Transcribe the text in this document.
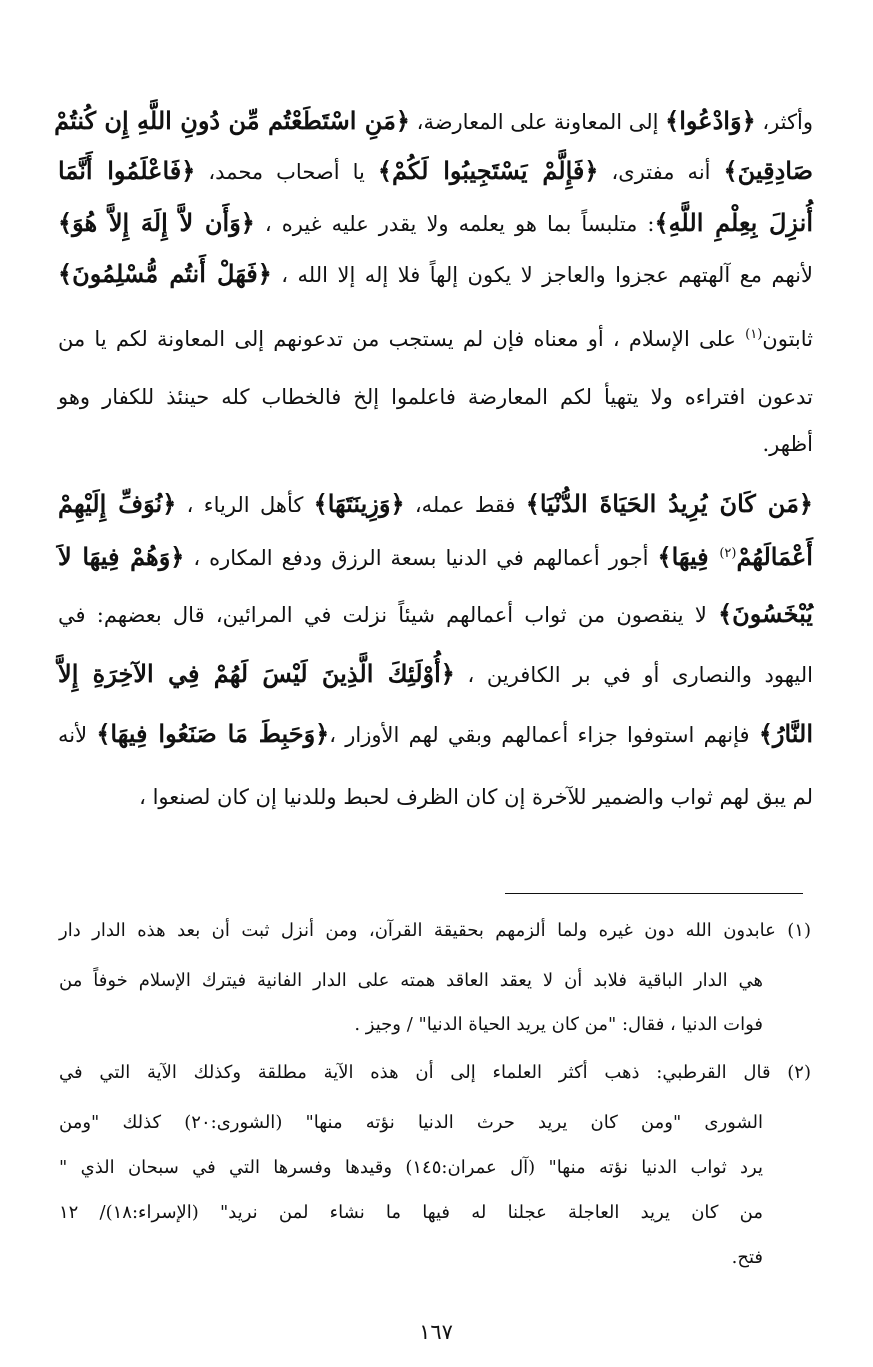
وأكثر، ﴿وَادْعُوا﴾ إلى المعاونة على المعارضة، ﴿مَنِ اسْتَطَعْتُم مِّن دُونِ اللَّهِ إِن كُنتُمْ
صَادِقِينَ﴾ أنه مفترى، ﴿فَإِلَّمْ يَسْتَجِيبُوا لَكُمْ﴾ يا أصحاب محمد، ﴿فَاعْلَمُوا أَنَّمَا
أُنزِلَ بِعِلْمِ اللَّهِ﴾: متلبساً بما هو يعلمه ولا يقدر عليه غيره ، ﴿وَأَن لاَّ إِلَهَ إِلاَّ هُوَ﴾
لأنهم مع آلهتهم عجزوا والعاجز لا يكون إلهاً فلا إله إلا الله ، ﴿فَهَلْ أَنتُم مُّسْلِمُونَ﴾
ثابتون$^{(١)}$ على الإسلام ، أو معناه فإن لم يستجب من تدعونهم إلى المعاونة لكم يا من
تدعون افتراءه ولا يتهيأ لكم المعارضة فاعلموا إلخ فالخطاب كله حينئذ للكفار وهو
أظهر.
﴿مَن كَانَ يُرِيدُ الحَيَاةَ الدُّنْيَا﴾ فقط عمله، ﴿وَزِينَتَهَا﴾ كأهل الرياء ، ﴿نُوَفِّ إِلَيْهِمْ
أَعْمَالَهُمْ$^{(٢)}$ فِيهَا﴾ أجور أعمالهم في الدنيا بسعة الرزق ودفع المكاره ، ﴿وَهُمْ فِيهَا لاَ
يُبْخَسُونَ﴾ لا ينقصون من ثواب أعمالهم شيئاً نزلت في المرائين، قال بعضهم: في
اليهود والنصارى أو في بر الكافرين ، ﴿أُوْلَئِكَ الَّذِينَ لَيْسَ لَهُمْ فِي الآخِرَةِ إِلاَّ
النَّارُ﴾ فإنهم استوفوا جزاء أعمالهم وبقي لهم الأوزار ،﴿وَحَبِطَ مَا صَنَعُوا فِيهَا﴾ لأنه
لم يبق لهم ثواب والضمير للآخرة إن كان الظرف لحبط وللدنيا إن كان لصنعوا ،
(١) عابدون الله دون غيره ولما ألزمهم بحقيقة القرآن، ومن أنزل ثبت أن بعد هذه الدار دار
هي الدار الباقية فلابد أن لا يعقد العاقد همته على الدار الفانية فيترك الإسلام خوفاً من
فوات الدنيا ، فقال: "من كان يريد الحياة الدنيا" / وجيز .
(٢) قال القرطبي: ذهب أكثر العلماء إلى أن هذه الآية مطلقة وكذلك الآية التي في
الشورى "ومن كان يريد حرث الدنيا نؤته منها" (الشورى:٢٠) كذلك "ومن
يرد ثواب الدنيا نؤته منها" (آل عمران:١٤٥) وقيدها وفسرها التي في سبحان الذي "
من كان يريد العاجلة عجلنا له فيها ما نشاء لمن نريد" (الإسراء:١٨)/ ١٢
فتح.
١٦٧
